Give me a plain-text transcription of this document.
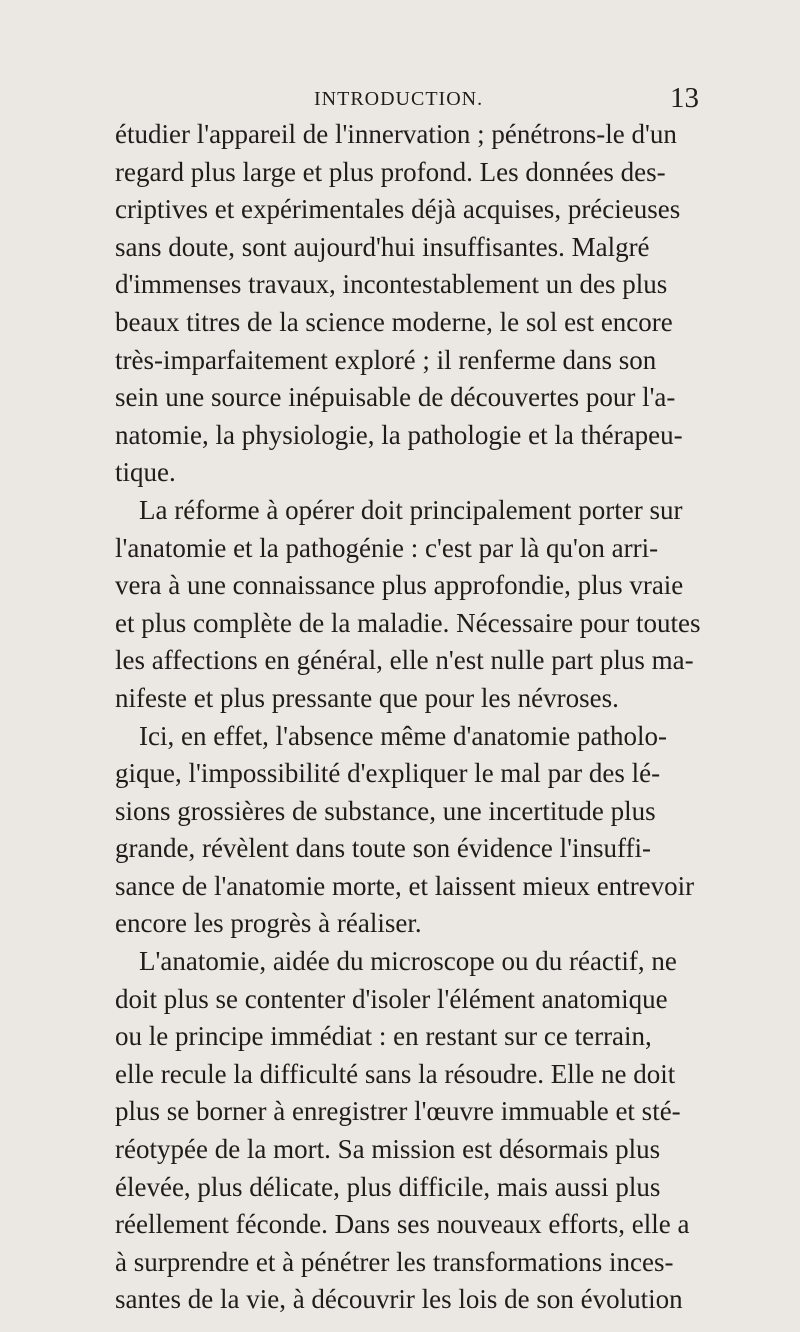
INTRODUCTION.	13
étudier l'appareil de l'innervation ; pénétrons-le d'un
regard plus large et plus profond. Les données des-
criptives et expérimentales déjà acquises, précieuses
sans doute, sont aujourd'hui insuffisantes. Malgré
d'immenses travaux, incontestablement un des plus
beaux titres de la science moderne, le sol est encore
très-imparfaitement exploré ; il renferme dans son
sein une source inépuisable de découvertes pour l'a-
natomie, la physiologie, la pathologie et la thérapeu-
tique.
La réforme à opérer doit principalement porter sur
l'anatomie et la pathogénie : c'est par là qu'on arri-
vera à une connaissance plus approfondie, plus vraie
et plus complète de la maladie. Nécessaire pour toutes
les affections en général, elle n'est nulle part plus ma-
nifeste et plus pressante que pour les névroses.
Ici, en effet, l'absence même d'anatomie patholo-
gique, l'impossibilité d'expliquer le mal par des lé-
sions grossières de substance, une incertitude plus
grande, révèlent dans toute son évidence l'insuffi-
sance de l'anatomie morte, et laissent mieux entrevoir
encore les progrès à réaliser.
L'anatomie, aidée du microscope ou du réactif, ne
doit plus se contenter d'isoler l'élément anatomique
ou le principe immédiat : en restant sur ce terrain,
elle recule la difficulté sans la résoudre. Elle ne doit
plus se borner à enregistrer l'œuvre immuable et sté-
réotypée de la mort. Sa mission est désormais plus
élevée, plus délicate, plus difficile, mais aussi plus
réellement féconde. Dans ses nouveaux efforts, elle a
à surprendre et à pénétrer les transformations inces-
santes de la vie, à découvrir les lois de son évolution
